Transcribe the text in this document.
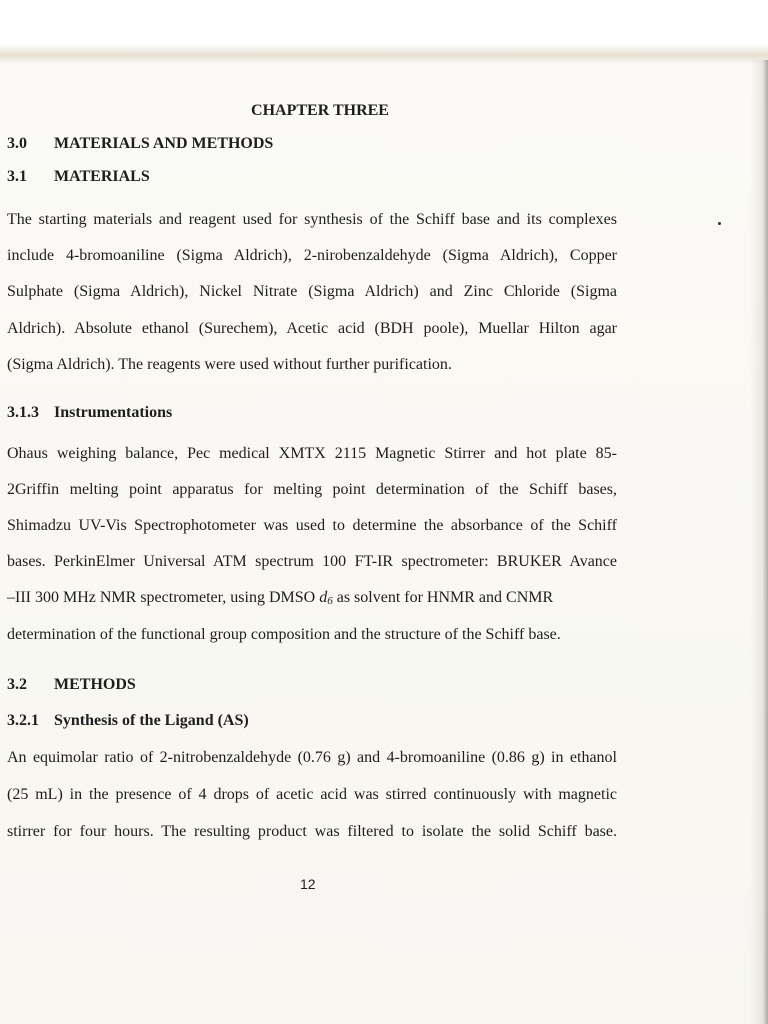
CHAPTER THREE
3.0 MATERIALS AND METHODS
3.1 MATERIALS
The starting materials and reagent used for synthesis of the Schiff base and its complexes
include 4-bromoaniline (Sigma Aldrich), 2-nirobenzaldehyde (Sigma Aldrich), Copper
Sulphate (Sigma Aldrich), Nickel Nitrate (Sigma Aldrich) and Zinc Chloride (Sigma
Aldrich). Absolute ethanol (Surechem), Acetic acid (BDH poole), Muellar Hilton agar
(Sigma Aldrich). The reagents were used without further purification.
3.1.3 Instrumentations
Ohaus weighing balance, Pec medical XMTX 2115 Magnetic Stirrer and hot plate 85-
2Griffin melting point apparatus for melting point determination of the Schiff bases,
Shimadzu UV-Vis Spectrophotometer was used to determine the absorbance of the Schiff
bases. PerkinElmer Universal ATM spectrum 100 FT-IR spectrometer: BRUKER Avance
–III 300 MHz NMR spectrometer, using DMSO d6 as solvent for HNMR and CNMR
determination of the functional group composition and the structure of the Schiff base.
3.2 METHODS
3.2.1 Synthesis of the Ligand (AS)
An equimolar ratio of 2-nitrobenzaldehyde (0.76 g) and 4-bromoaniline (0.86 g) in ethanol
(25 mL) in the presence of 4 drops of acetic acid was stirred continuously with magnetic
stirrer for four hours. The resulting product was filtered to isolate the solid Schiff base.
12
